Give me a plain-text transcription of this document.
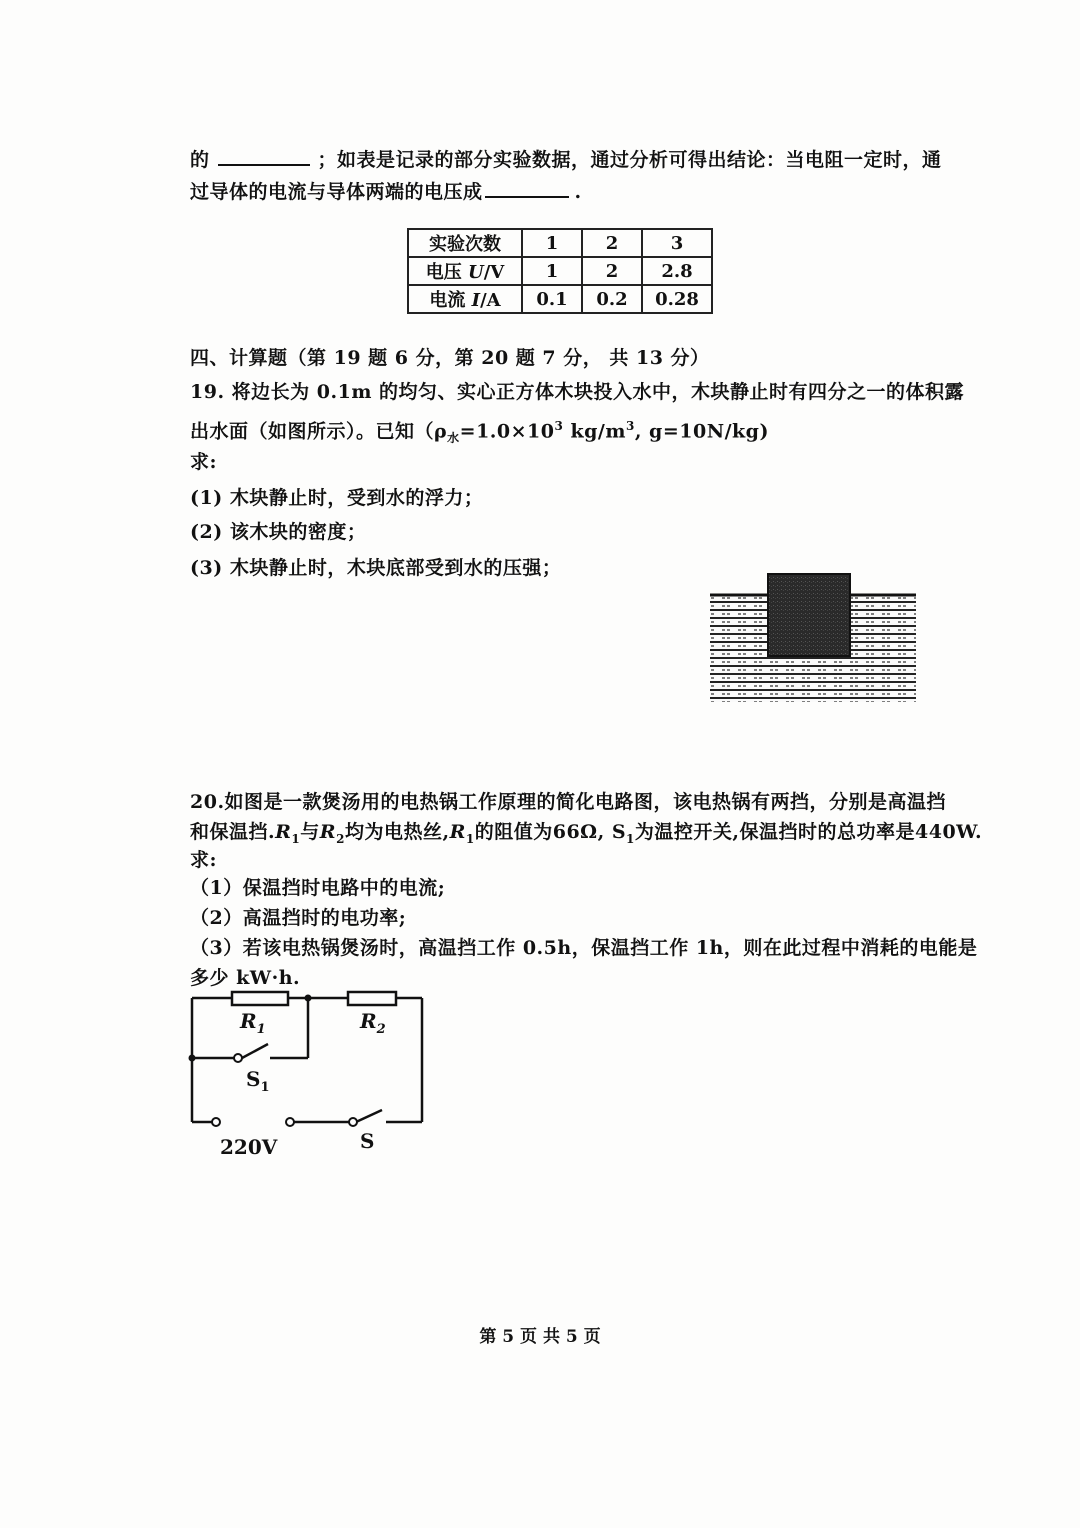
的	；如表是记录的部分实验数据，通过分析可得出结论：当电阻一定时，通
过导体的电流与导体两端的电压成	.
实验次数	1	2	3
电压 U/V	1	2	2.8
电流 I/A	0.1	0.2	0.28
四、计算题（第 19 题 6 分，第 20 题 7 分， 共 13 分）
19. 将边长为 0.1m 的均匀、实心正方体木块投入水中，木块静止时有四分之一的体积露
出水面（如图所示）。已知（$\rho_水=1.0\times 10^3$ $kg/m^3$, g=10N/kg)
求:
(1) 木块静止时，受到水的浮力；
(2) 该木块的密度；
(3) 木块静止时，木块底部受到水的压强；
20.如图是一款煲汤用的电热锅工作原理的简化电路图，该电热锅有两挡，分别是高温挡
和保温挡$.R_1$与$R_2$均为电热丝$,R_1$的阻值为66Ω, $S_1$为温控开关,保温挡时的总功率是440W.
求:
（1）保温挡时电路中的电流;
（2）高温挡时的电功率;
（3）若该电热锅煲汤时，高温挡工作 0.5h，保温挡工作 1h，则在此过程中消耗的电能是
多少 kW·h.
$R_1$	$R_2$
$S_1$
220V	S
第 5 页 共 5 页
